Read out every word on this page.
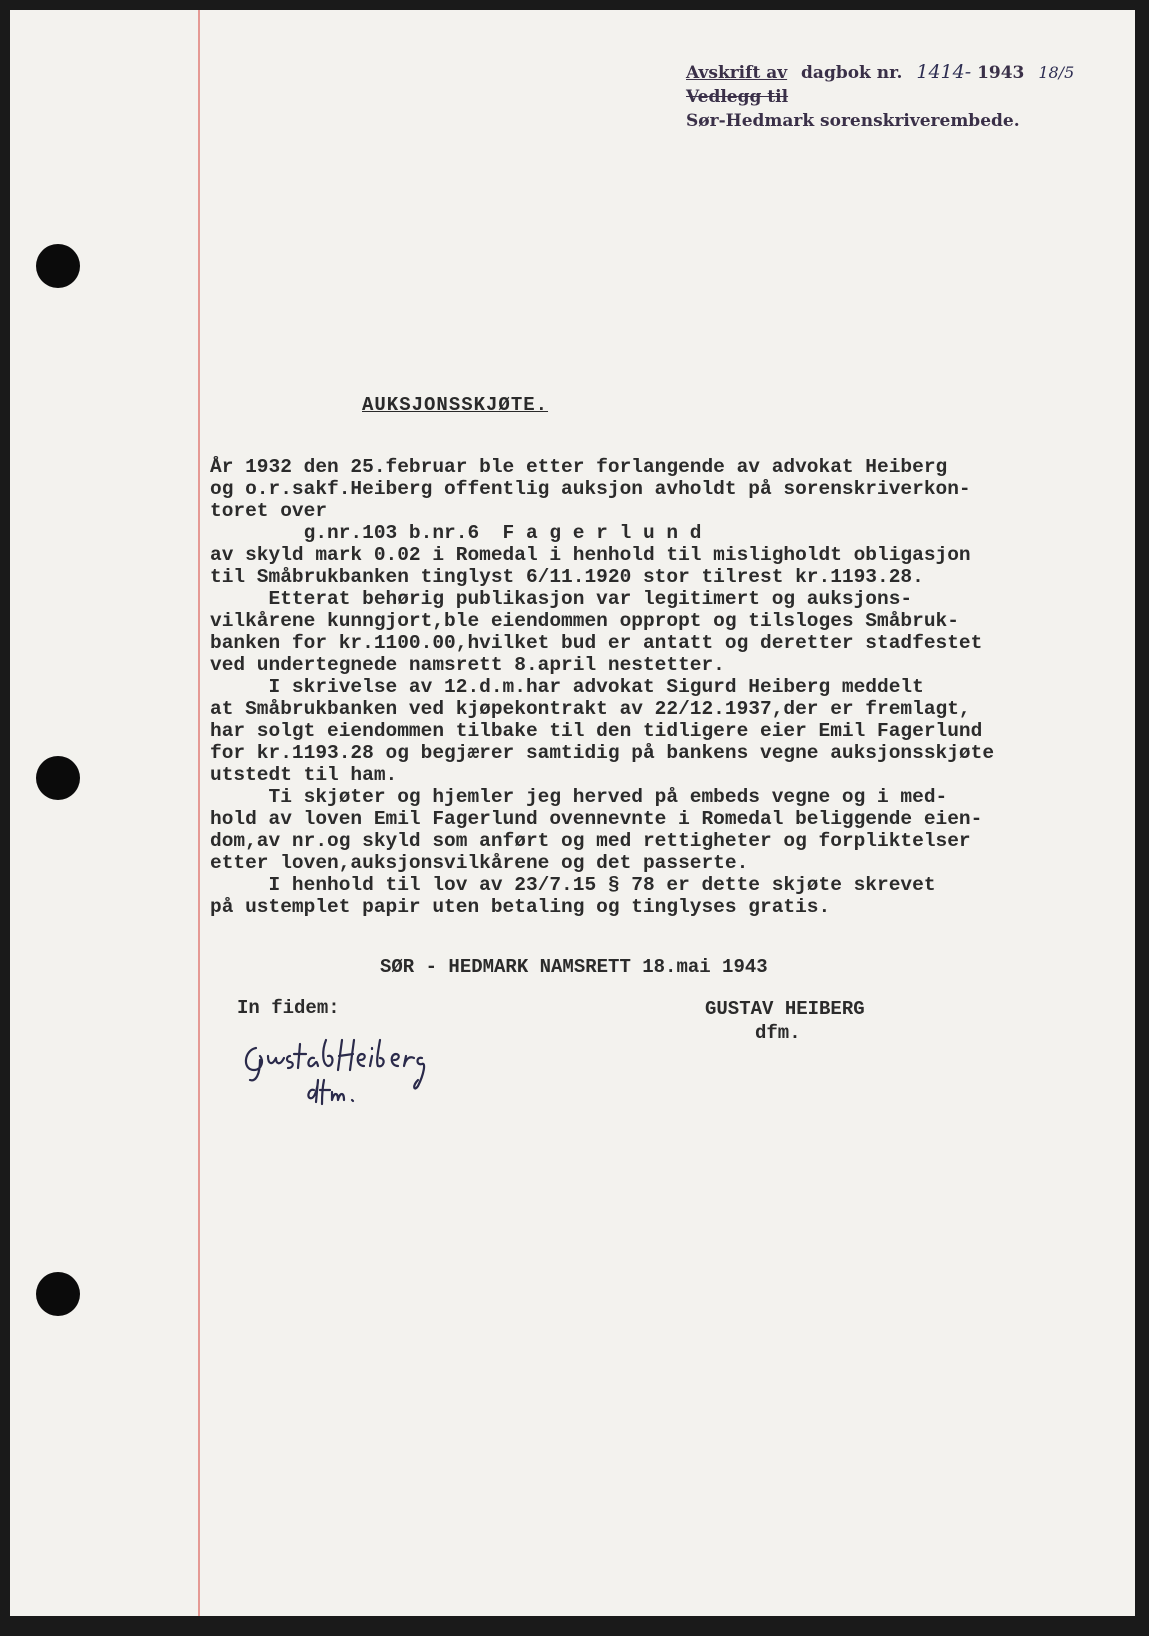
Avskrift av dagbok nr. 1414- 1943 18/5
Vedlegg til
Sør-Hedmark sorenskriverembede.
AUKSJONSSKJØTE.
År 1932 den 25.februar ble etter forlangende av advokat Heiberg
og o.r.sakf.Heiberg offentlig auksjon avholdt på sorenskriverkon-
toret over
g.nr.103 b.nr.6  F a g e r l u n d
av skyld mark 0.02 i Romedal i henhold til misligholdt obligasjon
til Småbrukbanken tinglyst 6/11.1920 stor tilrest kr.1193.28.
Etterat behørig publikasjon var legitimert og auksjons-
vilkårene kunngjort,ble eiendommen oppropt og tilsloges Småbruk-
banken for kr.1100.00,hvilket bud er antatt og deretter stadfestet
ved undertegnede namsrett 8.april nestetter.
I skrivelse av 12.d.m.har advokat Sigurd Heiberg meddelt
at Småbrukbanken ved kjøpekontrakt av 22/12.1937,der er fremlagt,
har solgt eiendommen tilbake til den tidligere eier Emil Fagerlund
for kr.1193.28 og begjærer samtidig på bankens vegne auksjonsskjøte
utstedt til ham.
Ti skjøter og hjemler jeg herved på embeds vegne og i med-
hold av loven Emil Fagerlund ovennevnte i Romedal beliggende eien-
dom,av nr.og skyld som anført og med rettigheter og forpliktelser
etter loven,auksjonsvilkårene og det passerte.
I henhold til lov av 23/7.15 § 78 er dette skjøte skrevet
på ustemplet papir uten betaling og tinglyses gratis.
SØR - HEDMARK NAMSRETT 18.mai 1943
In fidem:	GUSTAV HEIBERG
dfm.
